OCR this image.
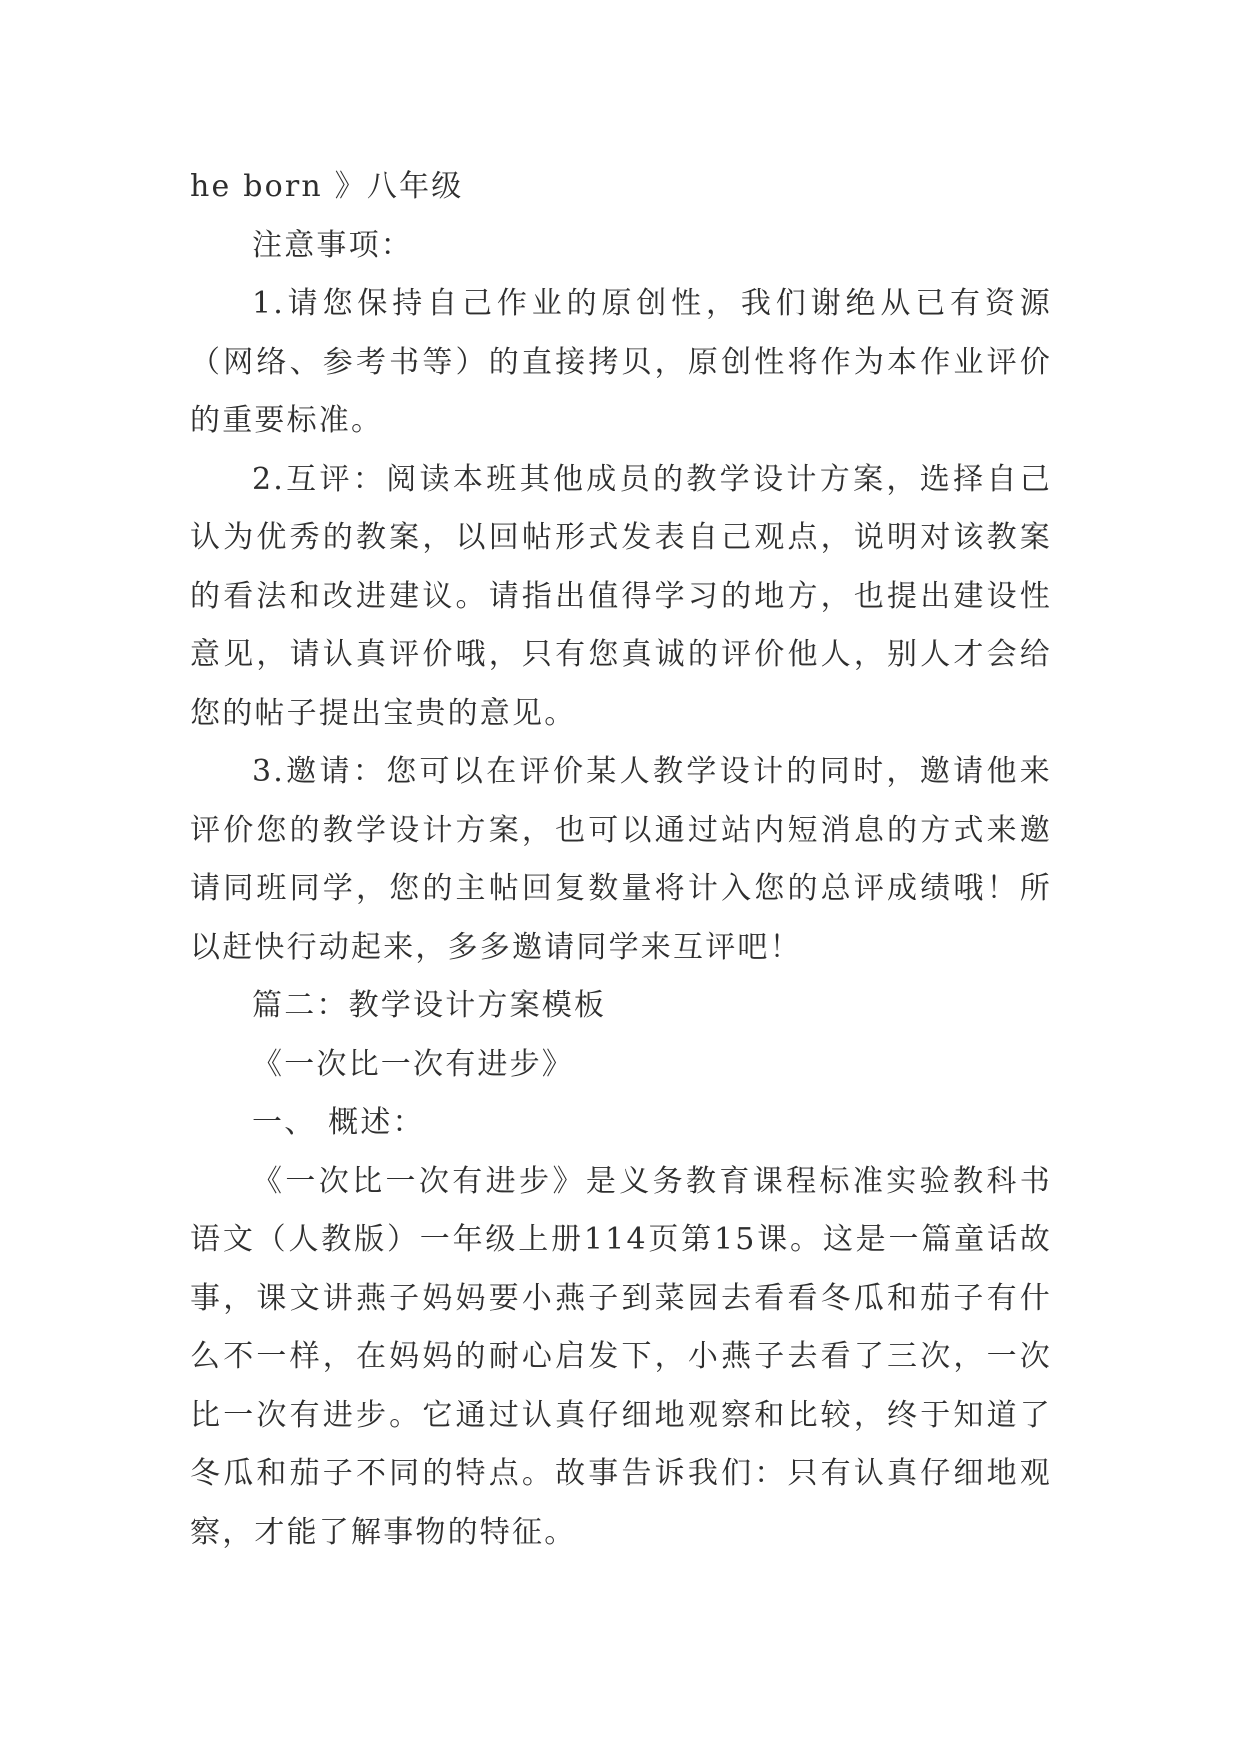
he born 》八年级

注意事项：

1.请您保持自己作业的原创性，我们谢绝从已有资源（网络、参考书等）的直接拷贝，原创性将作为本作业评价的重要标准。

2.互评：阅读本班其他成员的教学设计方案，选择自己认为优秀的教案，以回帖形式发表自己观点，说明对该教案的看法和改进建议。请指出值得学习的地方，也提出建设性意见，请认真评价哦，只有您真诚的评价他人，别人才会给您的帖子提出宝贵的意见。

3.邀请：您可以在评价某人教学设计的同时，邀请他来评价您的教学设计方案，也可以通过站内短消息的方式来邀请同班同学，您的主帖回复数量将计入您的总评成绩哦！所以赶快行动起来，多多邀请同学来互评吧！

篇二：教学设计方案模板

《一次比一次有进步》

一、 概述：

《一次比一次有进步》是义务教育课程标准实验教科书语文（人教版）一年级上册114页第15课。这是一篇童话故事，课文讲燕子妈妈要小燕子到菜园去看看冬瓜和茄子有什么不一样，在妈妈的耐心启发下，小燕子去看了三次，一次比一次有进步。它通过认真仔细地观察和比较，终于知道了冬瓜和茄子不同的特点。故事告诉我们：只有认真仔细地观察，才能了解事物的特征。
